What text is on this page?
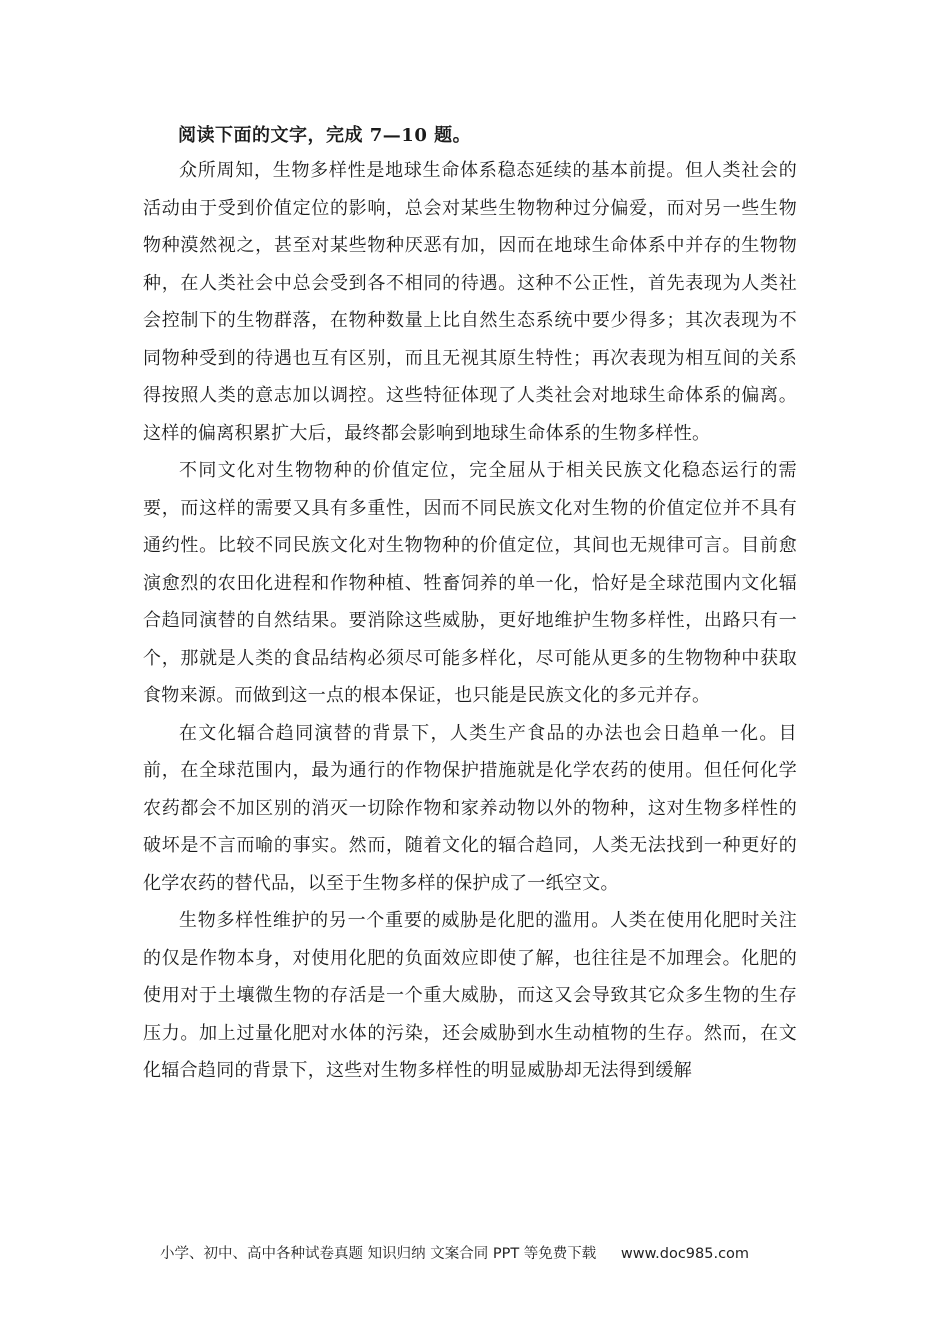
阅读下面的文字，完成 7—10 题。

众所周知，生物多样性是地球生命体系稳态延续的基本前提。但人类社会的活动由于受到价值定位的影响，总会对某些生物物种过分偏爱，而对另一些生物物种漠然视之，甚至对某些物种厌恶有加，因而在地球生命体系中并存的生物物种，在人类社会中总会受到各不相同的待遇。这种不公正性，首先表现为人类社会控制下的生物群落，在物种数量上比自然生态系统中要少得多；其次表现为不同物种受到的待遇也互有区别，而且无视其原生特性；再次表现为相互间的关系得按照人类的意志加以调控。这些特征体现了人类社会对地球生命体系的偏离。这样的偏离积累扩大后，最终都会影响到地球生命体系的生物多样性。

不同文化对生物物种的价值定位，完全屈从于相关民族文化稳态运行的需要，而这样的需要又具有多重性，因而不同民族文化对生物的价值定位并不具有通约性。比较不同民族文化对生物物种的价值定位，其间也无规律可言。目前愈演愈烈的农田化进程和作物种植、牲畜饲养的单一化，恰好是全球范围内文化辐合趋同演替的自然结果。要消除这些威胁，更好地维护生物多样性，出路只有一个，那就是人类的食品结构必须尽可能多样化，尽可能从更多的生物物种中获取食物来源。而做到这一点的根本保证，也只能是民族文化的多元并存。

在文化辐合趋同演替的背景下，人类生产食品的办法也会日趋单一化。目前，在全球范围内，最为通行的作物保护措施就是化学农药的使用。但任何化学农药都会不加区别的消灭一切除作物和家养动物以外的物种，这对生物多样性的破坏是不言而喻的事实。然而，随着文化的辐合趋同，人类无法找到一种更好的化学农药的替代品，以至于生物多样的保护成了一纸空文。

生物多样性维护的另一个重要的威胁是化肥的滥用。人类在使用化肥时关注的仅是作物本身，对使用化肥的负面效应即使了解，也往往是不加理会。化肥的使用对于土壤微生物的存活是一个重大威胁，而这又会导致其它众多生物的生存压力。加上过量化肥对水体的污染，还会威胁到水生动植物的生存。然而，在文化辐合趋同的背景下，这些对生物多样性的明显威胁却无法得到缓解

小学、初中、高中各种试卷真题 知识归纳 文案合同 PPT 等免费下载 www.doc985.com
